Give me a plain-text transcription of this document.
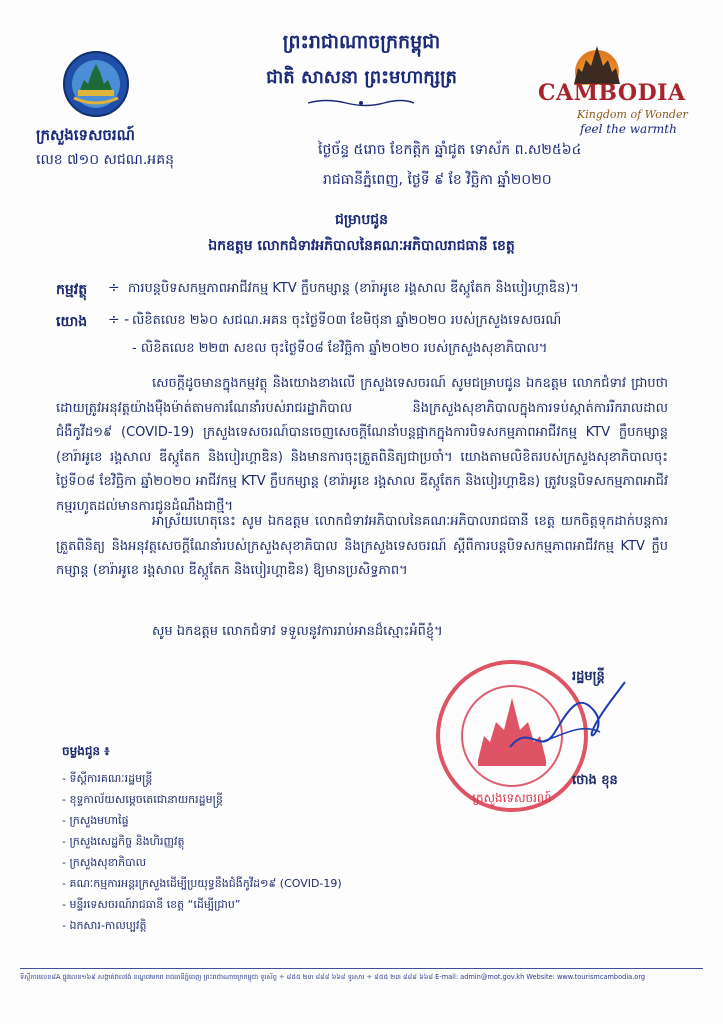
ព្រះរាជាណាចក្រកម្ពុជា
ជាតិ សាសនា ព្រះមហាក្សត្រ
ក្រសួងទេសចរណ៍
លេខ ៧១០ សជណ.អគនុ
CAMBODIA
Kingdom of Wonder
feel the warmth
ថ្ងៃច័ន្ទ ៥រោច ខែកត្តិក ឆ្នាំជូត ទោស័ក ព.ស២៥៦៤
រាជធានីភ្នំពេញ, ថ្ងៃទី ៩ ខែ វិច្ឆិកា ឆ្នាំ២០២០
ជម្រាបជូន
ឯកឧត្តម លោកជំទាវអភិបាលនៃគណៈអភិបាលរាជធានី ខេត្ត
កម្មវត្ថុ ÷ ការបន្តបិទសកម្មភាពអាជីវកម្ម KTV ក្លឹបកម្សាន្ត (ខារ៉ាអូខេ រង្គសាល ឌីស្កូតែក និងបៀរហ្គាឌិន)។
យោង ÷ - លិខិតលេខ ២៦០ សជណ.អគន ចុះថ្ងៃទី០៣ ខែមិថុនា ឆ្នាំ២០២០ របស់ក្រសួងទេសចរណ៍
- លិខិតលេខ ២២៣ សខល ចុះថ្ងៃទី០៨ ខែវិច្ឆិកា ឆ្នាំ២០២០ របស់ក្រសួងសុខាភិបាល។
សេចក្តីដូចមានក្នុងកម្មវត្ថុ និងយោងខាងលើ ក្រសួងទេសចរណ៍ សូមជម្រាបជូន ឯកឧត្តម លោកជំទាវ ជ្រាបថា ដោយត្រូវអនុវត្តយ៉ាងម៉ឺងម៉ាត់តាមការណែនាំរបស់រាជរដ្ឋាភិបាល និងក្រសួងសុខាភិបាលក្នុងការទប់ស្កាត់ការរីករាលដាលជំងឺកូវីដ១៩ (COVID-19) ក្រសួងទេសចរណ៍បានចេញសេចក្តីណែនាំបន្តផ្អាកក្នុងការបិទសកម្មភាពអាជីវកម្ម KTV ក្លឹបកម្សាន្ត (ខារ៉ាអូខេ រង្គសាល ឌីស្កូតែក និងបៀរហ្គាឌិន) និងមានការចុះត្រួតពិនិត្យជាប្រចាំ។ យោងតាមលិខិតរបស់ក្រសួងសុខាភិបាលចុះថ្ងៃទី០៨ ខែវិច្ឆិកា ឆ្នាំ២០២០ អាជីវកម្ម KTV ក្លឹបកម្សាន្ត (ខារ៉ាអូខេ រង្គសាល ឌីស្កូតែក និងបៀរហ្គាឌិន) ត្រូវបន្តបិទសកម្មភាពអាជីវកម្មរហូតដល់មានការជូនដំណឹងជាថ្មី។
អាស្រ័យហេតុនេះ សូម ឯកឧត្តម លោកជំទាវអភិបាលនៃគណៈអភិបាលរាជធានី ខេត្ត យកចិត្តទុកដាក់បន្តការត្រួតពិនិត្យ និងអនុវត្តសេចក្តីណែនាំរបស់ក្រសួងសុខាភិបាល និងក្រសួងទេសចរណ៍ ស្តីពីការបន្តបិទសកម្មភាពអាជីវកម្ម KTV ក្លឹបកម្សាន្ត (ខារ៉ាអូខេ រង្គសាល ឌីស្កូតែក និងបៀរហ្គាឌិន) ឱ្យមានប្រសិទ្ធភាព។
សូម ឯកឧត្តម លោកជំទាវ ទទួលនូវការរាប់អានដ៏ស្មោះអំពីខ្ញុំ។
ក្រសួងទេសចរណ៍
រដ្ឋមន្ត្រី
ថោង ខុន
ចម្លងជូន ៖
- ទីស្តីការគណៈរដ្ឋមន្ត្រី
- ខុទ្ទកាល័យសម្តេចតេជោនាយករដ្ឋមន្ត្រី
- ក្រសួងមហាផ្ទៃ
- ក្រសួងសេដ្ឋកិច្ច និងហិរញ្ញវត្ថុ
- ក្រសួងសុខាភិបាល
- គណៈកម្មការអន្តរក្រសួងដើម្បីប្រយុទ្ធនឹងជំងឺកូវីដ១៩ (COVID-19)
- មន្ទីរទេសចរណ៍រាជធានី ខេត្ត “ដើម្បីជ្រាប”
- ឯកសារ-កាលប្បវត្តិ
ទីស្តីការលេខ៨A ផ្លូវលេខ១៦៩ សង្កាត់វាលវង់ ខណ្ឌ៧មករា រាជធានីភ្នំពេញ ព្រះរាជាណាចក្រកម្ពុជា ទូរស័ព្ទ ÷ ៨៥៥ ២៣ ៨៨៨ ៦៦៨ ទូរសារ ÷ ៨៥៥ ២៣ ៨៨៨ ៦៦៨ E-mail: admin@mot.gov.kh Website: www.tourismcambodia.org
